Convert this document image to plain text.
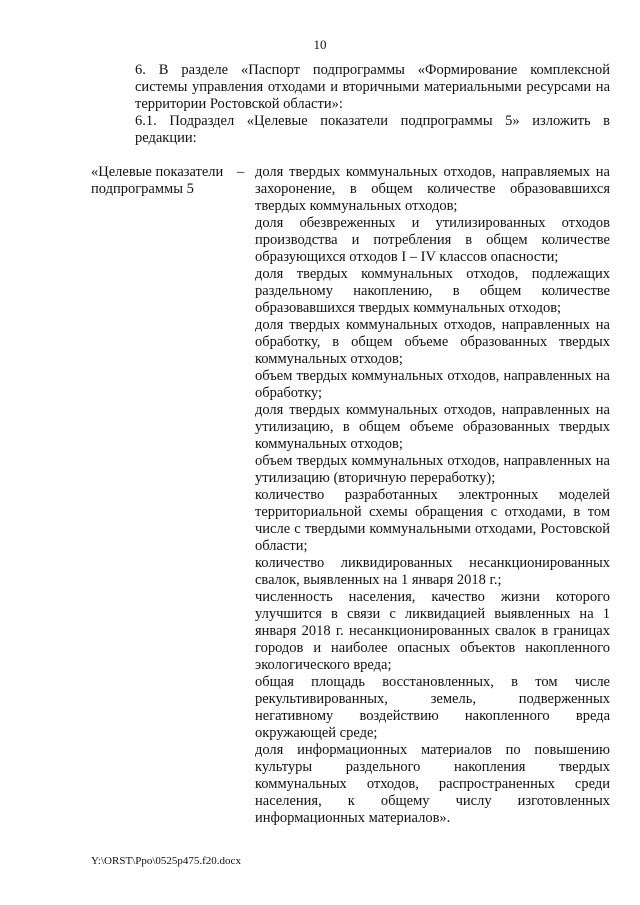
10
6. В разделе «Паспорт подпрограммы «Формирование комплексной системы управления отходами и вторичными материальными ресурсами на территории Ростовской области»:
6.1. Подраздел «Целевые показатели подпрограммы 5» изложить в редакции:
«Целевые показатели подпрограммы 5
– доля твердых коммунальных отходов, направляемых на захоронение, в общем количестве образовавшихся твердых коммунальных отходов;
доля обезвреженных и утилизированных отходов производства и потребления в общем количестве образующихся отходов I – IV классов опасности;
доля твердых коммунальных отходов, подлежащих раздельному накоплению, в общем количестве образовавшихся твердых коммунальных отходов;
доля твердых коммунальных отходов, направленных на обработку, в общем объеме образованных твердых коммунальных отходов;
объем твердых коммунальных отходов, направленных на обработку;
доля твердых коммунальных отходов, направленных на утилизацию, в общем объеме образованных твердых коммунальных отходов;
объем твердых коммунальных отходов, направленных на утилизацию (вторичную переработку);
количество разработанных электронных моделей территориальной схемы обращения с отходами, в том числе с твердыми коммунальными отходами, Ростовской области;
количество ликвидированных несанкционированных свалок, выявленных на 1 января 2018 г.;
численность населения, качество жизни которого улучшится в связи с ликвидацией выявленных на 1 января 2018 г. несанкционированных свалок в границах городов и наиболее опасных объектов накопленного экологического вреда;
общая площадь восстановленных, в том числе рекультивированных, земель, подверженных негативному воздействию накопленного вреда окружающей среде;
доля информационных материалов по повышению культуры раздельного накопления твердых коммунальных отходов, распространенных среди населения, к общему числу изготовленных информационных материалов».
Y:\ORST\Ppo\0525p475.f20.docx
